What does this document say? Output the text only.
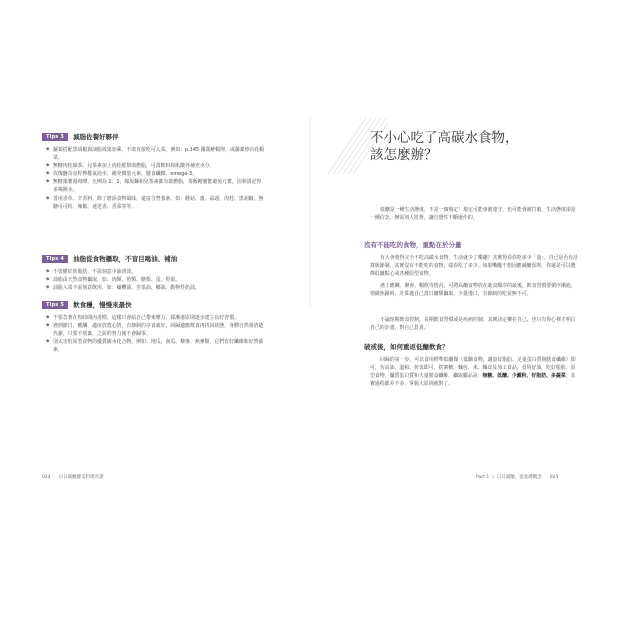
Tips 3	減脂佐餐好夥伴
◆ 蘿蔔搭配黑胡椒與油脂效果加乘，不敢直接吃可入菜，例如：p.145 蘿蔔鮮蝦卵，或蘿蔔炒百花蝦菜。
◆ 無糖肉桂綠茶、兒茶素加上肉桂醛幫助燃脂，可當飲料和肌酸外補充水分。
◆ 玫瑰鹽奇亞籽檸檬氣泡水，補充微量元素，膳食纖維、omega-3。
◆ 無糖藻薯湯毒噂，比例為 1：1，綠坂麵和兒茶素都有助燃脂，茶飯糖靈能避免亢奮，因利誘記得多喝開水。
◆ 善用香草、辛香料，除了增添食物風味，還富含營養素，如：蘑菇、薑、蒜頭，肉桂、黑胡椒、無糖可可粉、辣椒、迷迭香、香菜等等。
Tips 4	油脂從食物攝取，不盲目喝油、補油
◆ 不畏懼好的脂肪，不需刻意少油清淡。
◆ 油脂由天然食物攝取，如：肉類、魚類、酪梨、蛋、堅果。
◆ 油脂入菜不需刻意飲用，如：橄欖油，苦茶油、椰油、動物性奶油。
不小心吃了高碳水食物，
該怎麼辦？

低醣是一種生活態度，不是一個規定！規定可能會被違守，也可能會被打破，生活態度卻是一種信念，無需別人監督，讓自覺性不斷運作的。

沒有不能吃的食物，重點在於分量

有人會覺得完全不吃高碳水食物，生活就少了樂趣？其實得看你吃多少「量」，自己是否有計算與節制，其實沒有不能吃的食物，端看吃了多少。如果嘴饞不想因應減醣原則，你還是可以選擇低醣點心或各種原型食物。

Tips 5	飲食穩，慢慢來最快
◆ 不要急著在短時間內達標，這樣只會給自己帶來壓力，採漸進原則逐步建立良好習慣。
◆ 遇到節日、應酬，適度放寬心情，有節制的享食就好，回歸適應飲食再找回狀態，身體自然會清楚代謝，只要不放棄，之前的努力便不會歸零。
◆ 別太害怕原型食物的優質碳水化合物，例如：地瓜，南瓜、藜麥、燕麥類，它們有好纖維和好營養素。

遇上應酬、聚會、暢飲等情況，可將高醣食物放在進食順序的最後，飲食習慣要循序漸進，情緒焦躁時，計算適自己當日醣類攝取，少量淺口，有節制的吃並無不可。

不論短期飲食控制，長期飲食習慣或是疾病控制，其實決定權在自己，也只有你心裡才明白自己的計畫，對自己負責。

破戒後，如何重返低醣飲食？

回歸的第一步，可以食用標準低醣餐（低醣食物、適量好脂肪、足量蛋白質與膳食纖維）即可，勿高油、溫和、折衷即可。搭寨糖、麵包、米、麵食及加工食品，食用好油，吃好脂肪、原型食物，攝質蛋白質和大量膳食纖維，攝取屬品是：無糖、低醣、少澱粉、好脂肪、多蔬菜，其實過程都差不多，掌握大原則就對了。

024 日日減醣健美料理食譜	Part 1 | 日日減醣，從基礎觀念 025
